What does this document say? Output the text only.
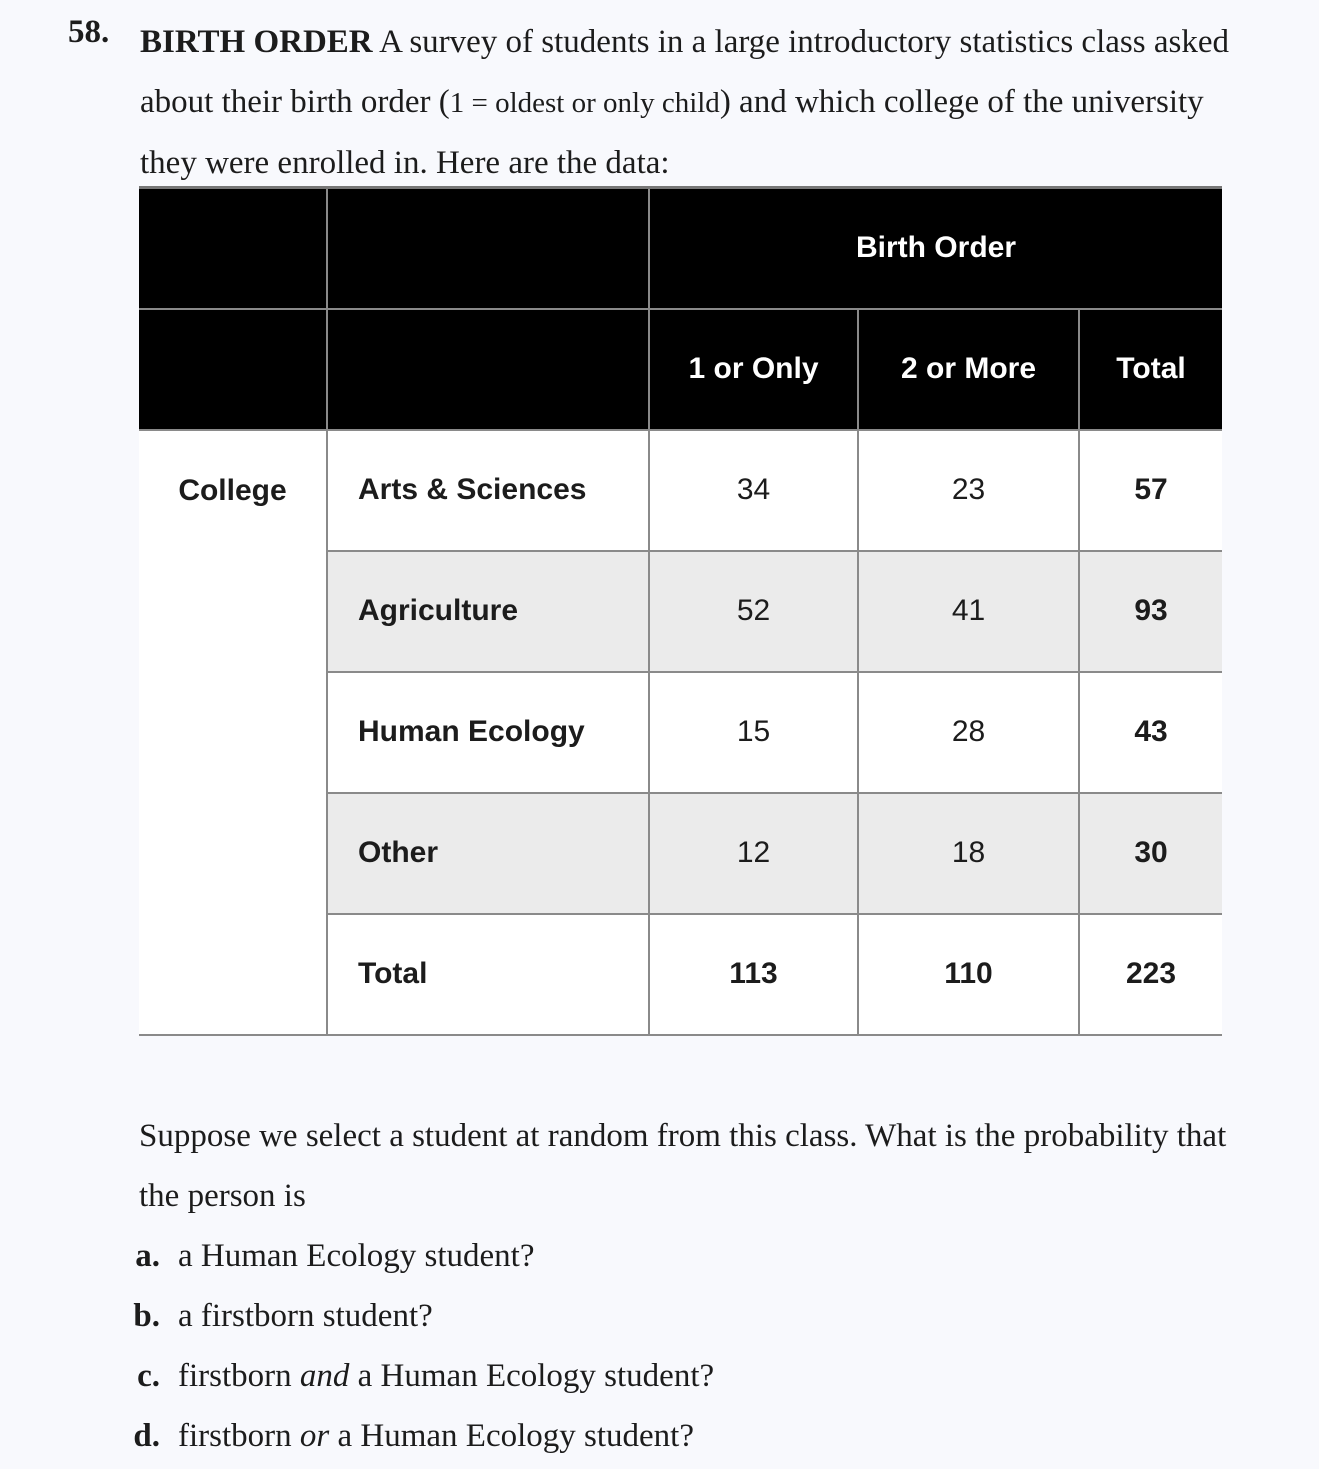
58. BIRTH ORDER A survey of students in a large introductory statistics class asked about their birth order (1 = oldest or only child) and which college of the university they were enrolled in. Here are the data:
		Birth Order		
		1 or Only	2 or More	Total
College	Arts & Sciences	34	23	57
	Agriculture	52	41	93
	Human Ecology	15	28	43
	Other	12	18	30
	Total	113	110	223
Suppose we select a student at random from this class. What is the probability that the person is
a. a Human Ecology student?
b. a firstborn student?
c. firstborn and a Human Ecology student?
d. firstborn or a Human Ecology student?
